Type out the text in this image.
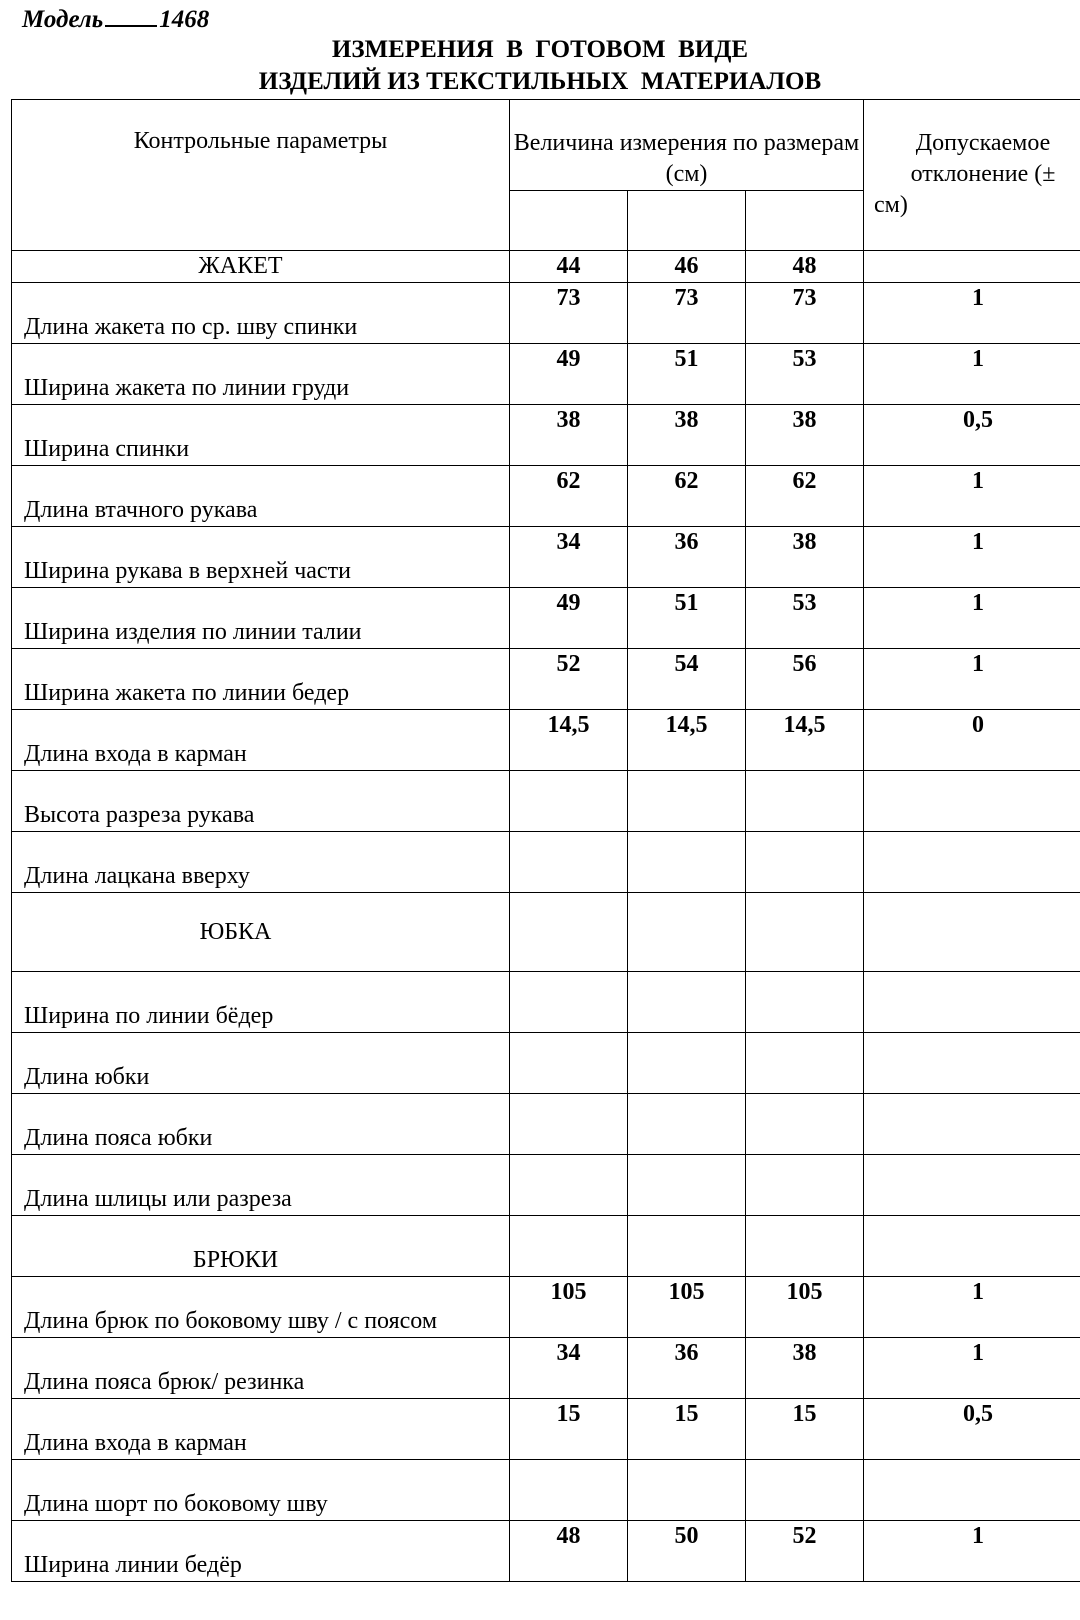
Модель 1468
ИЗМЕРЕНИЯ  В  ГОТОВОМ  ВИДЕ
ИЗДЕЛИЙ ИЗ ТЕКСТИЛЬНЫХ  МАТЕРИАЛОВ
Контрольные параметры	Величина измерения по размерам (см)			Допускаемое
отклонение (±
см)

ЖАКЕТ	44	46	48	
Длина жакета по ср. шву спинки	73	73	73	1
Ширина жакета по линии груди	49	51	53	1
Ширина спинки	38	38	38	0,5
Длина втачного рукава	62	62	62	1
Ширина рукава в верхней части	34	36	38	1
Ширина изделия по линии талии	49	51	53	1
Ширина жакета по линии бедер	52	54	56	1
Длина входа в карман	14,5	14,5	14,5	0
Высота разреза рукава				
Длина лацкана вверху				
ЮБКА				
Ширина по линии бёдер				
Длина юбки				
Длина пояса юбки				
Длина шлицы или разреза				
БРЮКИ				
Длина брюк по боковому шву / с поясом	105	105	105	1
Длина пояса брюк/ резинка	34	36	38	1
Длина входа в карман	15	15	15	0,5
Длина шорт по боковому шву				
Ширина линии бедёр	48	50	52	1
